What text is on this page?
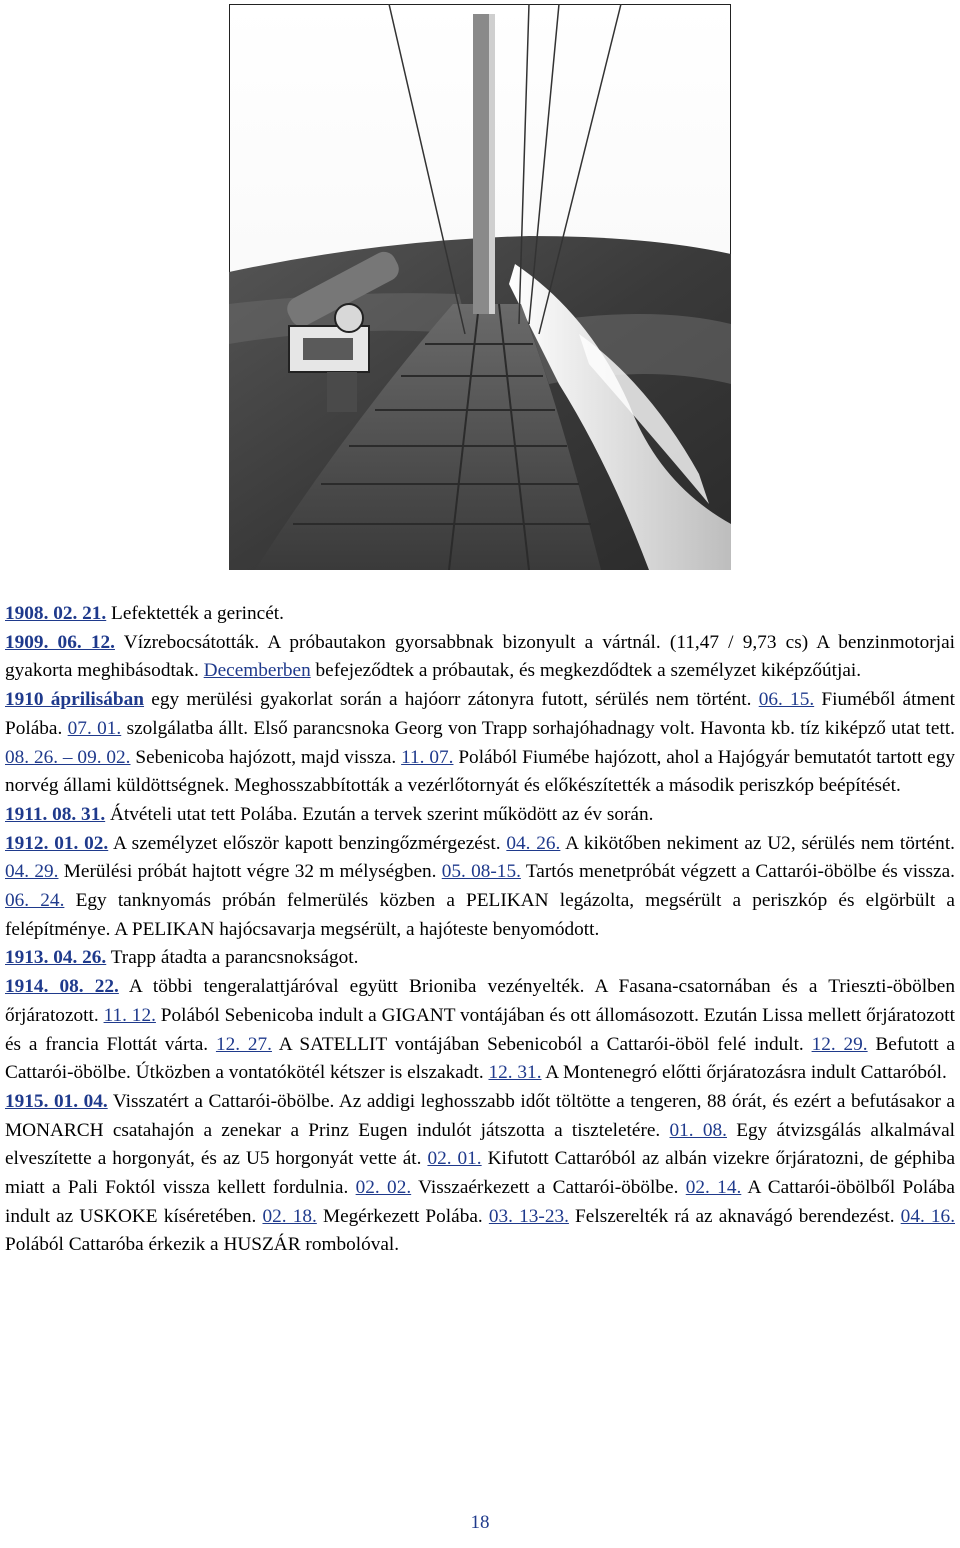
1908. 02. 21. Lefektették a gerincét.

1909. 06. 12. Vízrebocsátották. A próbautakon gyorsabbnak bizonyult a vártnál. (11,47 / 9,73 cs) A benzinmotorjai gyakorta meghibásodtak. Decemberben befejeződtek a próbautak, és megkezdődtek a személyzet kiképzőútjai.

1910 áprilisában egy merülési gyakorlat során a hajóorr zátonyra futott, sérülés nem történt. 06. 15. Fiuméből átment Polába. 07. 01. szolgálatba állt. Első parancsnoka Georg von Trapp sorhajóhadnagy volt. Havonta kb. tíz kiképző utat tett. 08. 26. – 09. 02. Sebenicoba hajózott, majd vissza. 11. 07. Polából Fiumébe hajózott, ahol a Hajógyár bemutatót tartott egy norvég állami küldöttségnek. Meghosszabbították a vezérlőtornyát és előkészítették a második periszkóp beépítését.

1911. 08. 31. Átvételi utat tett Polába. Ezután a tervek szerint működött az év során.

1912. 01. 02. A személyzet először kapott benzingőzmérgezést. 04. 26. A kikötőben nekiment az U2, sérülés nem történt. 04. 29. Merülési próbát hajtott végre 32 m mélységben. 05. 08-15. Tartós menetpróbát végzett a Cattarói-öbölbe és vissza. 06. 24. Egy tanknyomás próbán felmerülés közben a PELIKAN legázolta, megsérült a periszkóp és elgörbült a felépítménye. A PELIKAN hajócsavarja megsérült, a hajóteste benyomódott.

1913. 04. 26. Trapp átadta a parancsnokságot.

1914. 08. 22. A többi tengeralattjáróval együtt Brioniba vezényelték. A Fasana-csatornában és a Trieszti-öbölben őrjáratozott. 11. 12. Polából Sebenicoba indult a GIGANT vontájában és ott állomásozott. Ezután Lissa mellett őrjáratozott és a francia Flottát várta. 12. 27. A SATELLIT vontájában Sebenicoból a Cattarói-öböl felé indult. 12. 29. Befutott a Cattarói-öbölbe. Útközben a vontatókötél kétszer is elszakadt. 12. 31. A Montenegró előtti őrjáratozásra indult Cattaróból.

1915. 01. 04. Visszatért a Cattarói-öbölbe. Az addigi leghosszabb időt töltötte a tengeren, 88 órát, és ezért a befutásakor a MONARCH csatahajón a zenekar a Prinz Eugen indulót játszotta a tiszteletére. 01. 08. Egy átvizsgálás alkalmával elveszítette a horgonyát, és az U5 horgonyát vette át. 02. 01. Kifutott Cattaróból az albán vizekre őrjáratozni, de géphiba miatt a Pali Foktól vissza kellett fordulnia. 02. 02. Visszaérkezett a Cattarói-öbölbe. 02. 14. A Cattarói-öbölből Polába indult az USKOKE kíséretében. 02. 18. Megérkezett Polába. 03. 13-23. Felszerelték rá az aknavágó berendezést. 04. 16. Polából Cattaróba érkezik a HUSZÁR rombolóval.

18
